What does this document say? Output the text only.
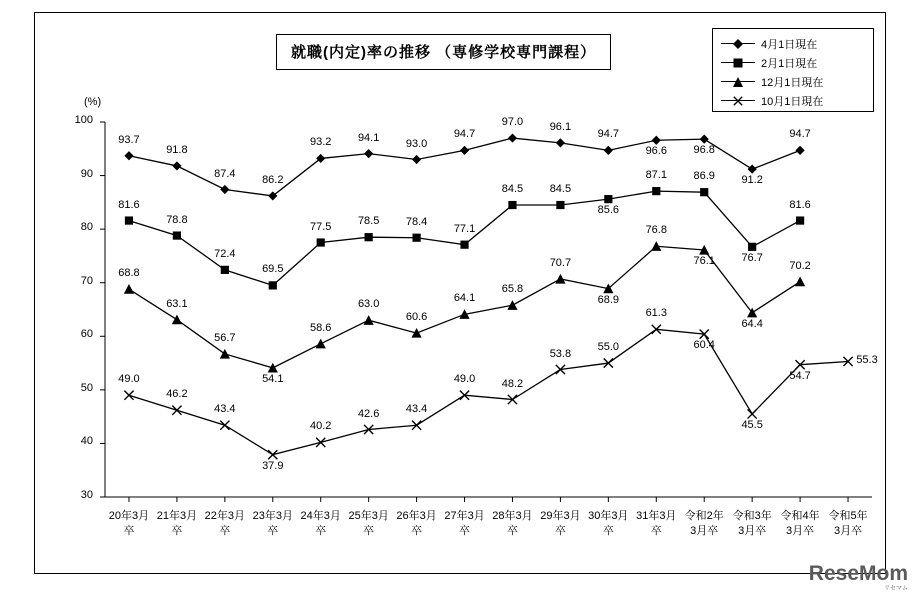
就職(内定)率の推移 （専修学校専門課程）	4月1日現在
2月1日現在
12月1日現在
10月1日現在
(%)
30
40
50
60
70
80
90
100
20年3月
卒
21年3月
卒
22年3月
卒
23年3月
卒
24年3月
卒
25年3月
卒
26年3月
卒
27年3月
卒
28年3月
卒
29年3月
卒
30年3月
卒
31年3月
卒
令和2年
3月卒
令和3年
3月卒
令和4年
3月卒
令和5年
3月卒
93.7
91.8
87.4
86.2
93.2	94.1	93.0
94.7
97.0	96.1
94.7
96.6	96.8
91.2
94.7
81.6
78.8
72.4
69.5
77.5	78.5	78.4
77.1
84.5	84.5
85.6
87.1	86.9
76.7
81.6
68.8
63.1
56.7
54.1
58.6
63.0
60.6
64.1
65.8
70.7
68.9
76.8
76.1
64.4
70.2
49.0
46.2
43.4
37.9
40.2
42.6	43.4
49.0	48.2
53.8
55.0
61.3
60.4
45.5
54.7
55.3
ReseMom
リセマム
